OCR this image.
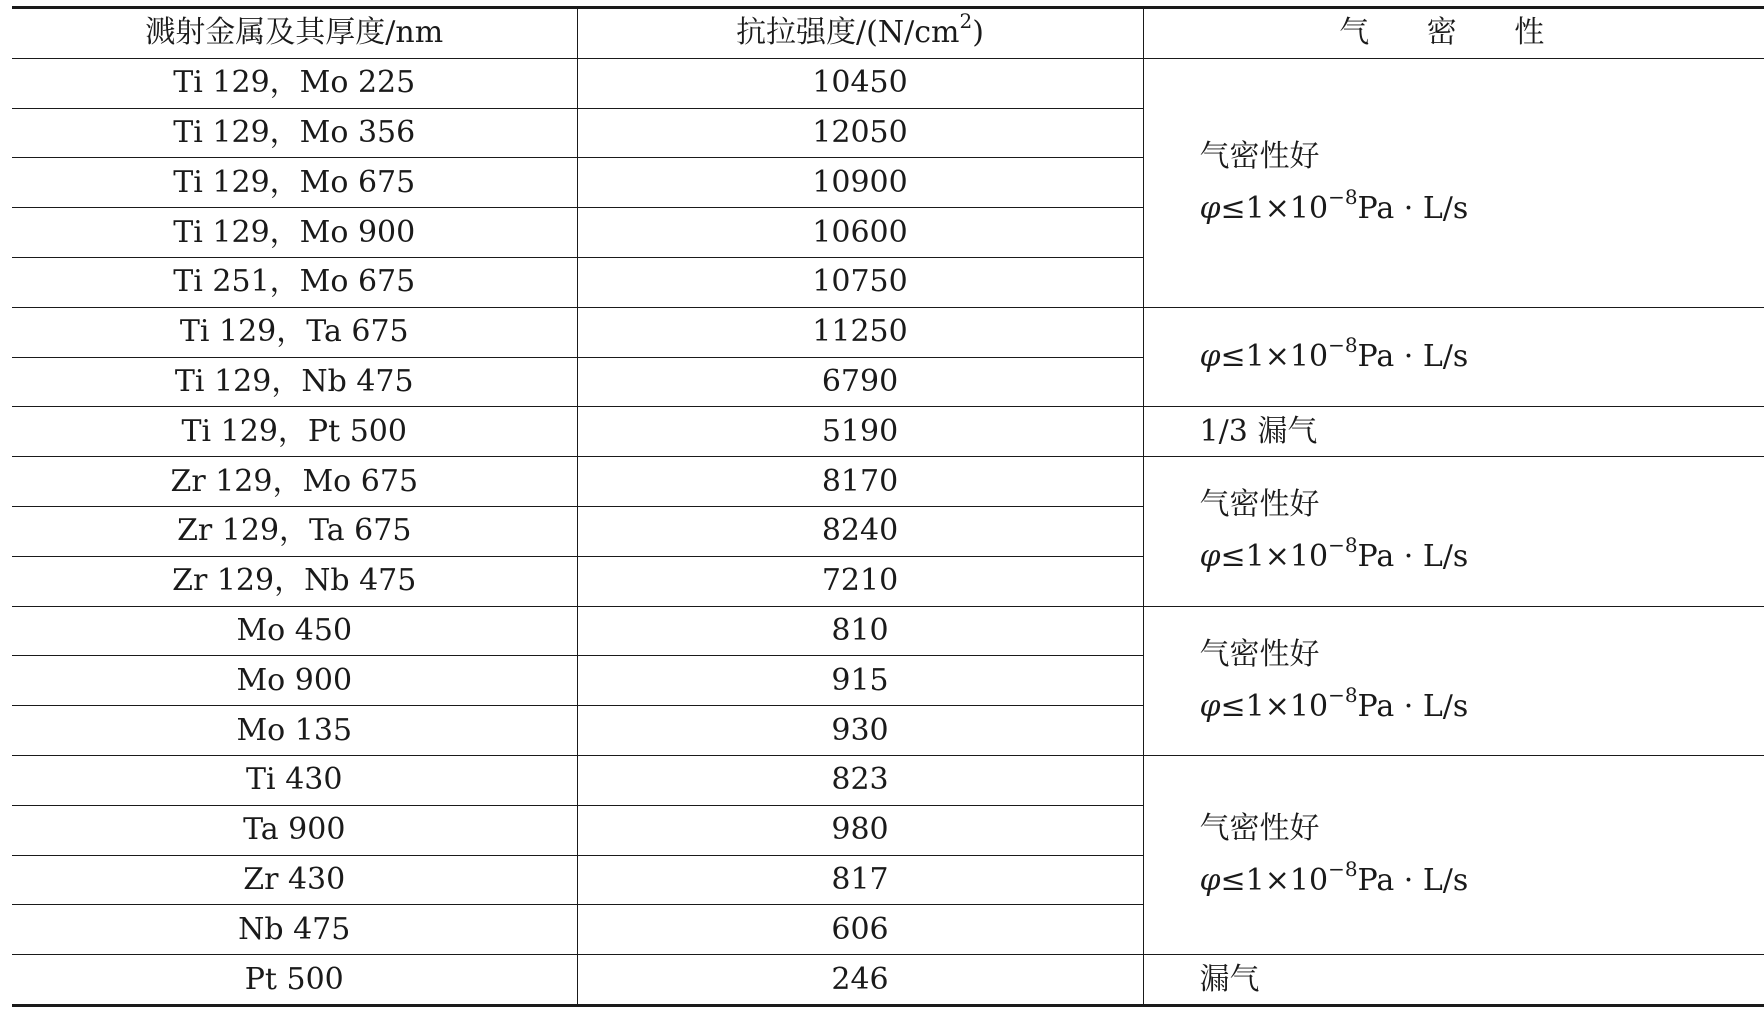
溅射金属及其厚度/nm	抗拉强度$/(N/cm^2)$	气 密 性
Ti 129，Mo 225	10450	气密性好
$\varphi\le 1\times 10^{-8}Pa \cdot L/s$

Ti 129，Mo 356	12050	
Ti 129，Mo 675	10900	
Ti 129，Mo 900	10600	
Ti 251，Mo 675	10750	
Ti 129，Ta 675	11250	$\varphi\le 1\times 10^{-8}Pa \cdot L/s$

Ti 129，Nb 475	6790	
Ti 129，Pt 500	5190	1/3 漏气
Zr 129，Mo 675	8170	气密性好
$\varphi\le 1\times 10^{-8}Pa \cdot L/s$

Zr 129，Ta 675	8240	
Zr 129，Nb 475	7210	
Mo 450	810	气密性好
$\varphi\le 1\times 10^{-8}Pa \cdot L/s$

Mo 900	915	
Mo 135	930	
Ti 430	823	气密性好
$\varphi\le 1\times 10^{-8}Pa \cdot L/s$

Ta 900	980	
Zr 430	817	
Nb 475	606	
Pt 500	246	漏气
